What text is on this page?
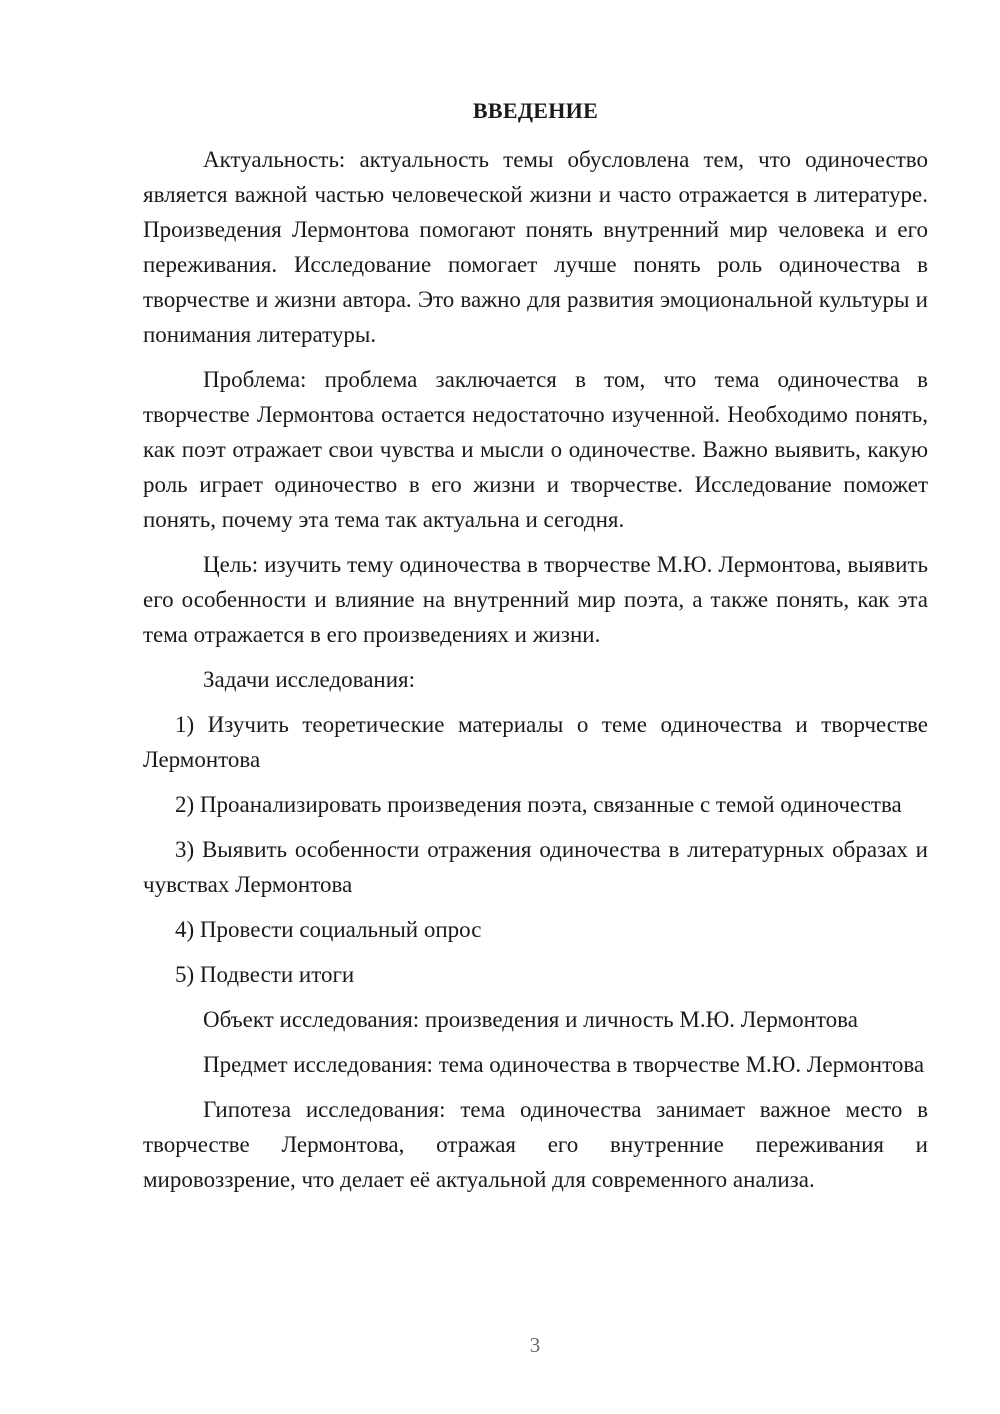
ВВЕДЕНИЕ

Актуальность: актуальность темы обусловлена тем, что одиночество является важной частью человеческой жизни и часто отражается в литературе. Произведения Лермонтова помогают понять внутренний мир человека и его переживания. Исследование помогает лучше понять роль одиночества в творчестве и жизни автора. Это важно для развития эмоциональной культуры и понимания литературы.

Проблема: проблема заключается в том, что тема одиночества в творчестве Лермонтова остается недостаточно изученной. Необходимо понять, как поэт отражает свои чувства и мысли о одиночестве. Важно выявить, какую роль играет одиночество в его жизни и творчестве. Исследование поможет понять, почему эта тема так актуальна и сегодня.

Цель: изучить тему одиночества в творчестве М.Ю. Лермонтова, выявить его особенности и влияние на внутренний мир поэта, а также понять, как эта тема отражается в его произведениях и жизни.

Задачи исследования:

1) Изучить теоретические материалы о теме одиночества и творчестве Лермонтова

2) Проанализировать произведения поэта, связанные с темой одиночества

3) Выявить особенности отражения одиночества в литературных образах и чувствах Лермонтова

4) Провести социальный опрос

5) Подвести итоги

Объект исследования: произведения и личность М.Ю. Лермонтова

Предмет исследования: тема одиночества в творчестве М.Ю. Лермонтова

Гипотеза исследования: тема одиночества занимает важное место в творчестве Лермонтова, отражая его внутренние переживания и мировоззрение, что делает её актуальной для современного анализа.

3
